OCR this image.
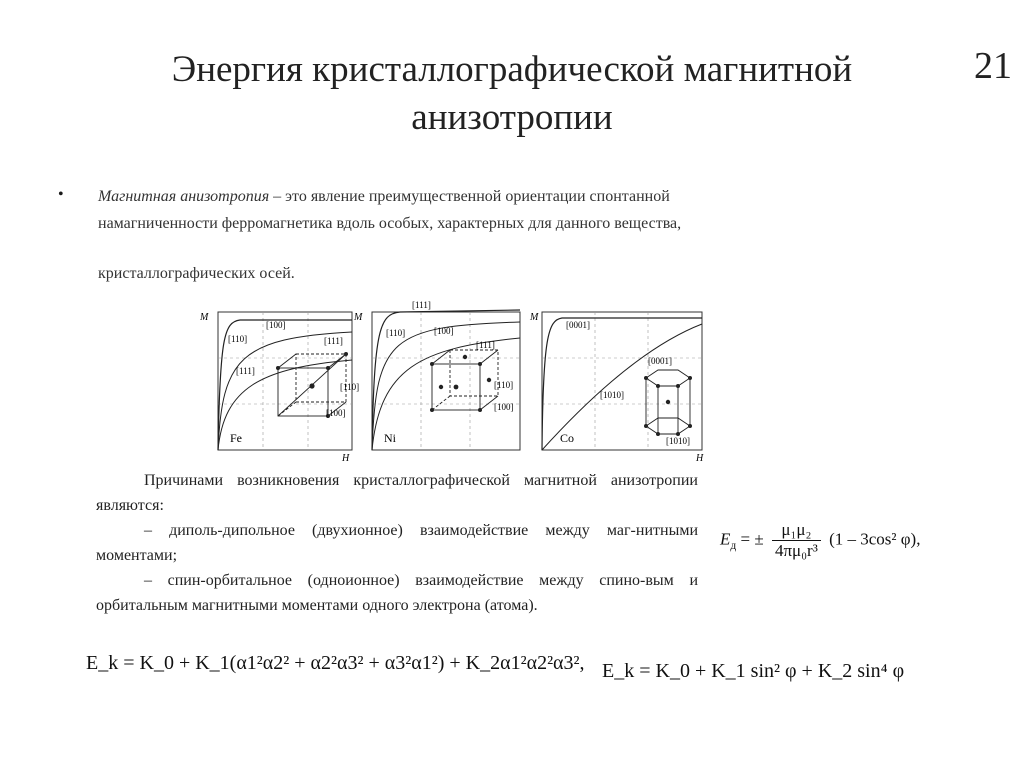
Энергия кристаллографической магнитной
анизотропии
21
• Магнитная анизотропия – это явление преимущественной ориентации спонтанной
намагниченности ферромагнетика вдоль особых, характерных для данного вещества,
кристаллографических осей.
M
H
Fe
[100]
[110]
[111]
[111]
[110]
[100]
M
Ni
[111]
[110]	[100]
[111]
[110]
[100]
M
H
Co
[0001]
[1010]
[0001]
[1010]

Причинами возникновения кристаллографической магнитной анизотропии являются:

– диполь-дипольное (двухионное) взаимодействие между маг-нитными моментами;

– спин-орбитальное (одноионное) взаимодействие между спино-вым и орбитальным магнитными моментами одного электрона (атома).

$E_д$ = ± $\frac{\text{μ₁μ₂}}{\text{4πμ₀r³}} (1 - 3\cos^2$ φ),
E_k = K_0 + K_1(α1²α2² + α2²α3² + α3²α1²) + K_2α1²α2²α3², E_k = K_0 + K_1 sin² φ + K_2 sin⁴ φ
